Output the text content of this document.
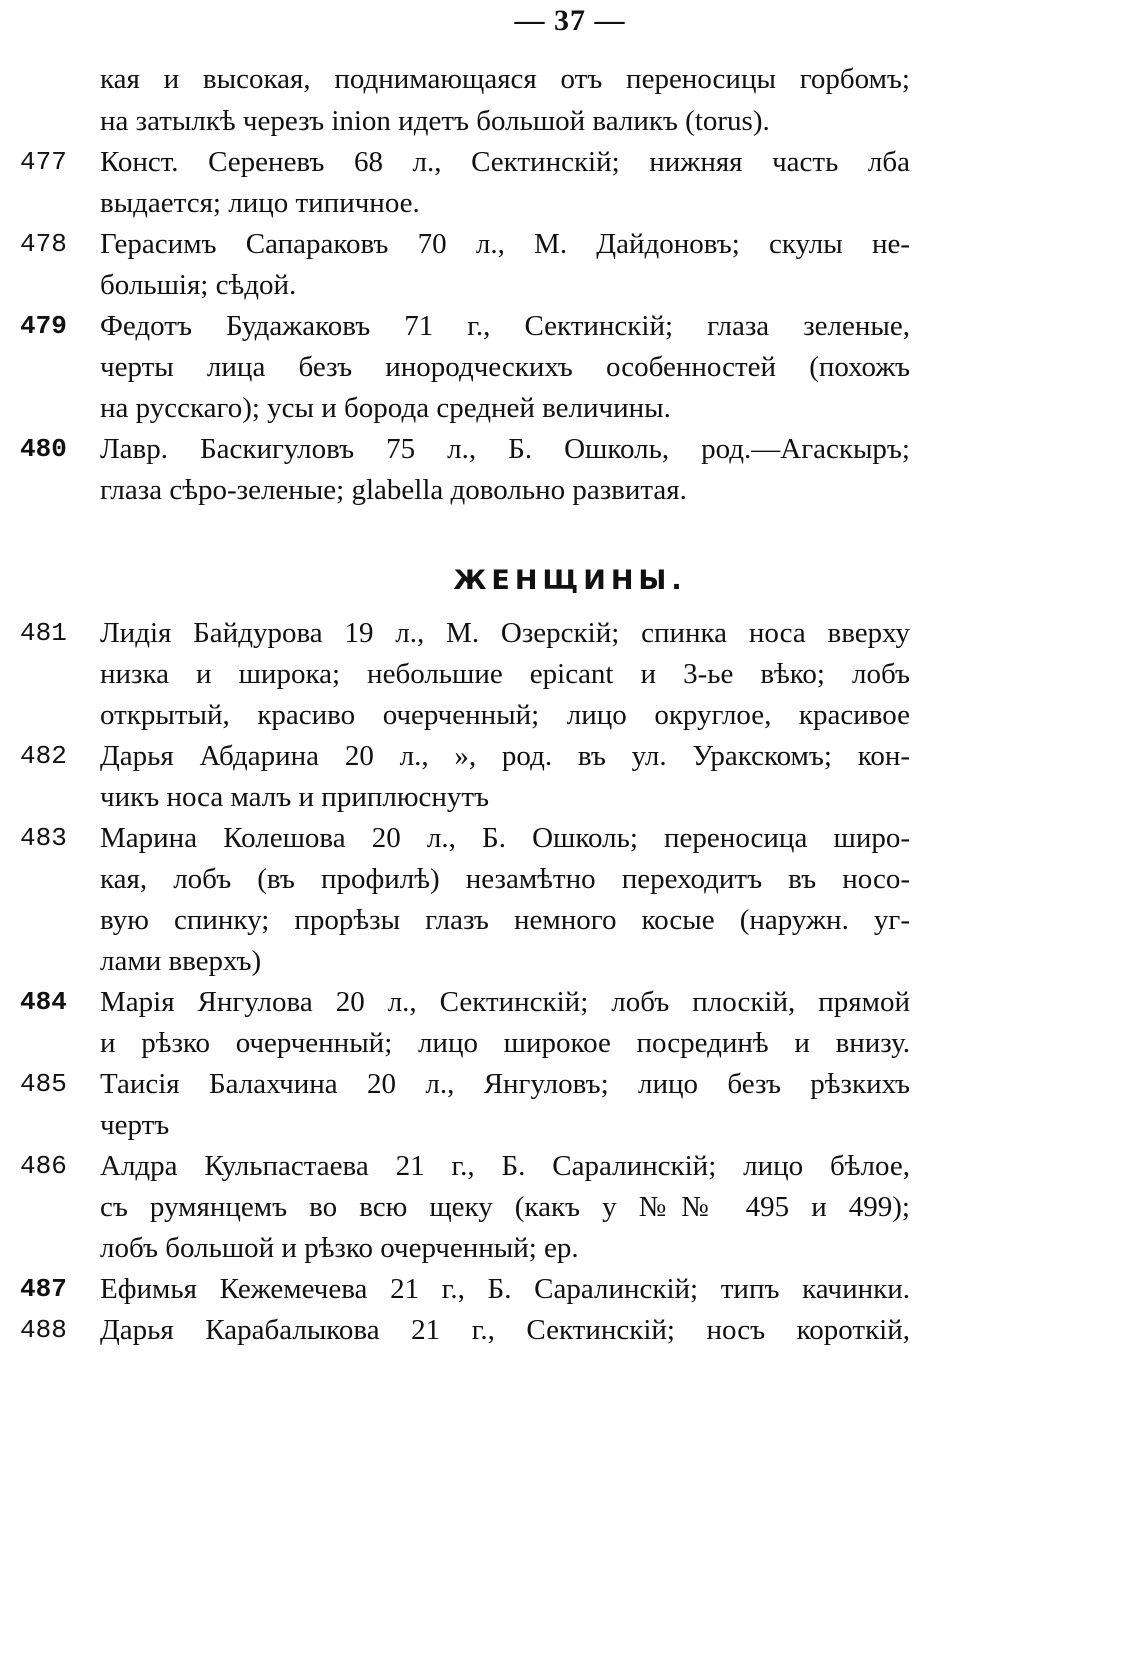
— 37 —
кая и высокая, поднимающаяся отъ переносицы горбомъ;
на затылкѣ черезъ inion идетъ большой валикъ (torus).
477	Конст. Сереневъ 68 л., Сектинскій; нижняя часть лба
выдается; лицо типичное.
478	Герасимъ Сапараковъ 70 л., М. Дайдоновъ; скулы не-
большія; сѣдой.
479	Федотъ Будажаковъ 71 г., Сектинскій; глаза зеленые,
черты лица безъ инородческихъ особенностей (похожъ
на русскаго); усы и борода средней величины.
480	Лавр. Баскигуловъ 75 л., Б. Ошколь, род.—Агаскыръ;
глаза сѣро-зеленые; glabella довольно развитая.
ЖЕНЩИНЫ.
481	Лидія Байдурова 19 л., М. Озерскій; спинка носа вверху
низка и широка; небольшие epicant и 3-ье вѣко; лобъ
открытый, красиво очерченный; лицо округлое, красивое
482	Дарья Абдарина 20 л., », род. въ ул. Уракскомъ; кон-
чикъ носа малъ и приплюснутъ
483	Марина Колешова 20 л., Б. Ошколь; переносица широ-
кая, лобъ (въ профилѣ) незамѣтно переходитъ въ носо-
вую спинку; прорѣзы глазъ немного косые (наружн. уг-
лами вверхъ)
484	Марія Янгулова 20 л., Сектинскій; лобъ плоскій, прямой
и рѣзко очерченный; лицо широкое посрединѣ и внизу.
485	Таисія Балахчина 20 л., Янгуловъ; лицо безъ рѣзкихъ
чертъ
486	Алдра Кульпастаева 21 г., Б. Саралинскій; лицо бѣлое,
съ румянцемъ во всю щеку (какъ у №№ 495 и 499);
лобъ большой и рѣзко очерченный; ер.
487	Ефимья Кежемечева 21 г., Б. Саралинскій; типъ качинки.
488	Дарья Карабалыкова 21 г., Сектинскій; носъ короткій,
